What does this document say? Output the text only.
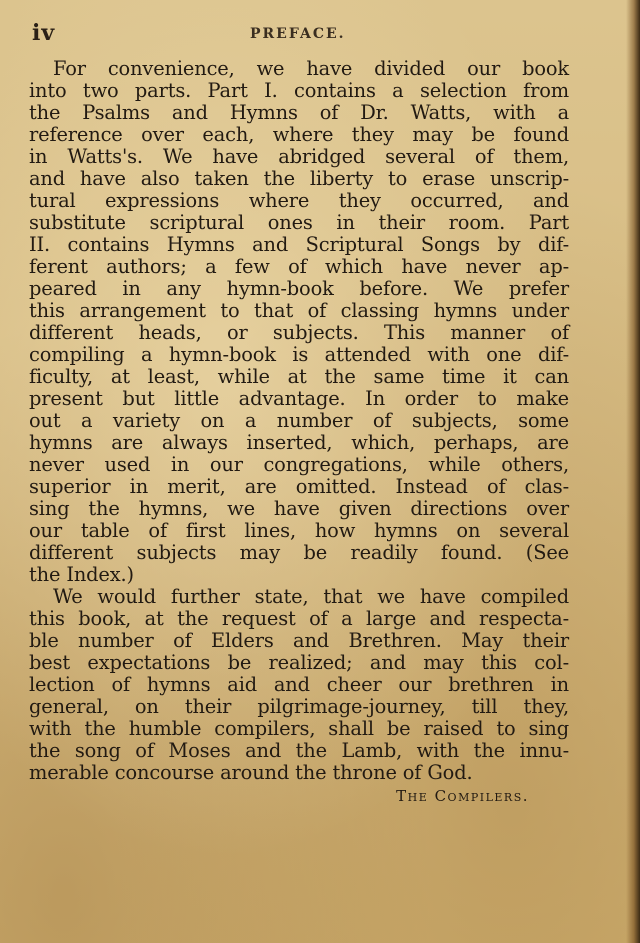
iv	PREFACE.
For convenience, we have divided our book
into two parts. Part I. contains a selection from
the Psalms and Hymns of Dr. Watts, with a
reference over each, where they may be found
in Watts's. We have abridged several of them,
and have also taken the liberty to erase unscrip-
tural expressions where they occurred, and
substitute scriptural ones in their room. Part
II. contains Hymns and Scriptural Songs by dif-
ferent authors; a few of which have never ap-
peared in any hymn-book before. We prefer
this arrangement to that of classing hymns under
different heads, or subjects. This manner of
compiling a hymn-book is attended with one dif-
ficulty, at least, while at the same time it can
present but little advantage. In order to make
out a variety on a number of subjects, some
hymns are always inserted, which, perhaps, are
never used in our congregations, while others,
superior in merit, are omitted. Instead of clas-
sing the hymns, we have given directions over
our table of first lines, how hymns on several
different subjects may be readily found. (See
the Index.)
We would further state, that we have compiled
this book, at the request of a large and respecta-
ble number of Elders and Brethren. May their
best expectations be realized; and may this col-
lection of hymns aid and cheer our brethren in
general, on their pilgrimage-journey, till they,
with the humble compilers, shall be raised to sing
the song of Moses and the Lamb, with the innu-
merable concourse around the throne of God.
The Compilers.
